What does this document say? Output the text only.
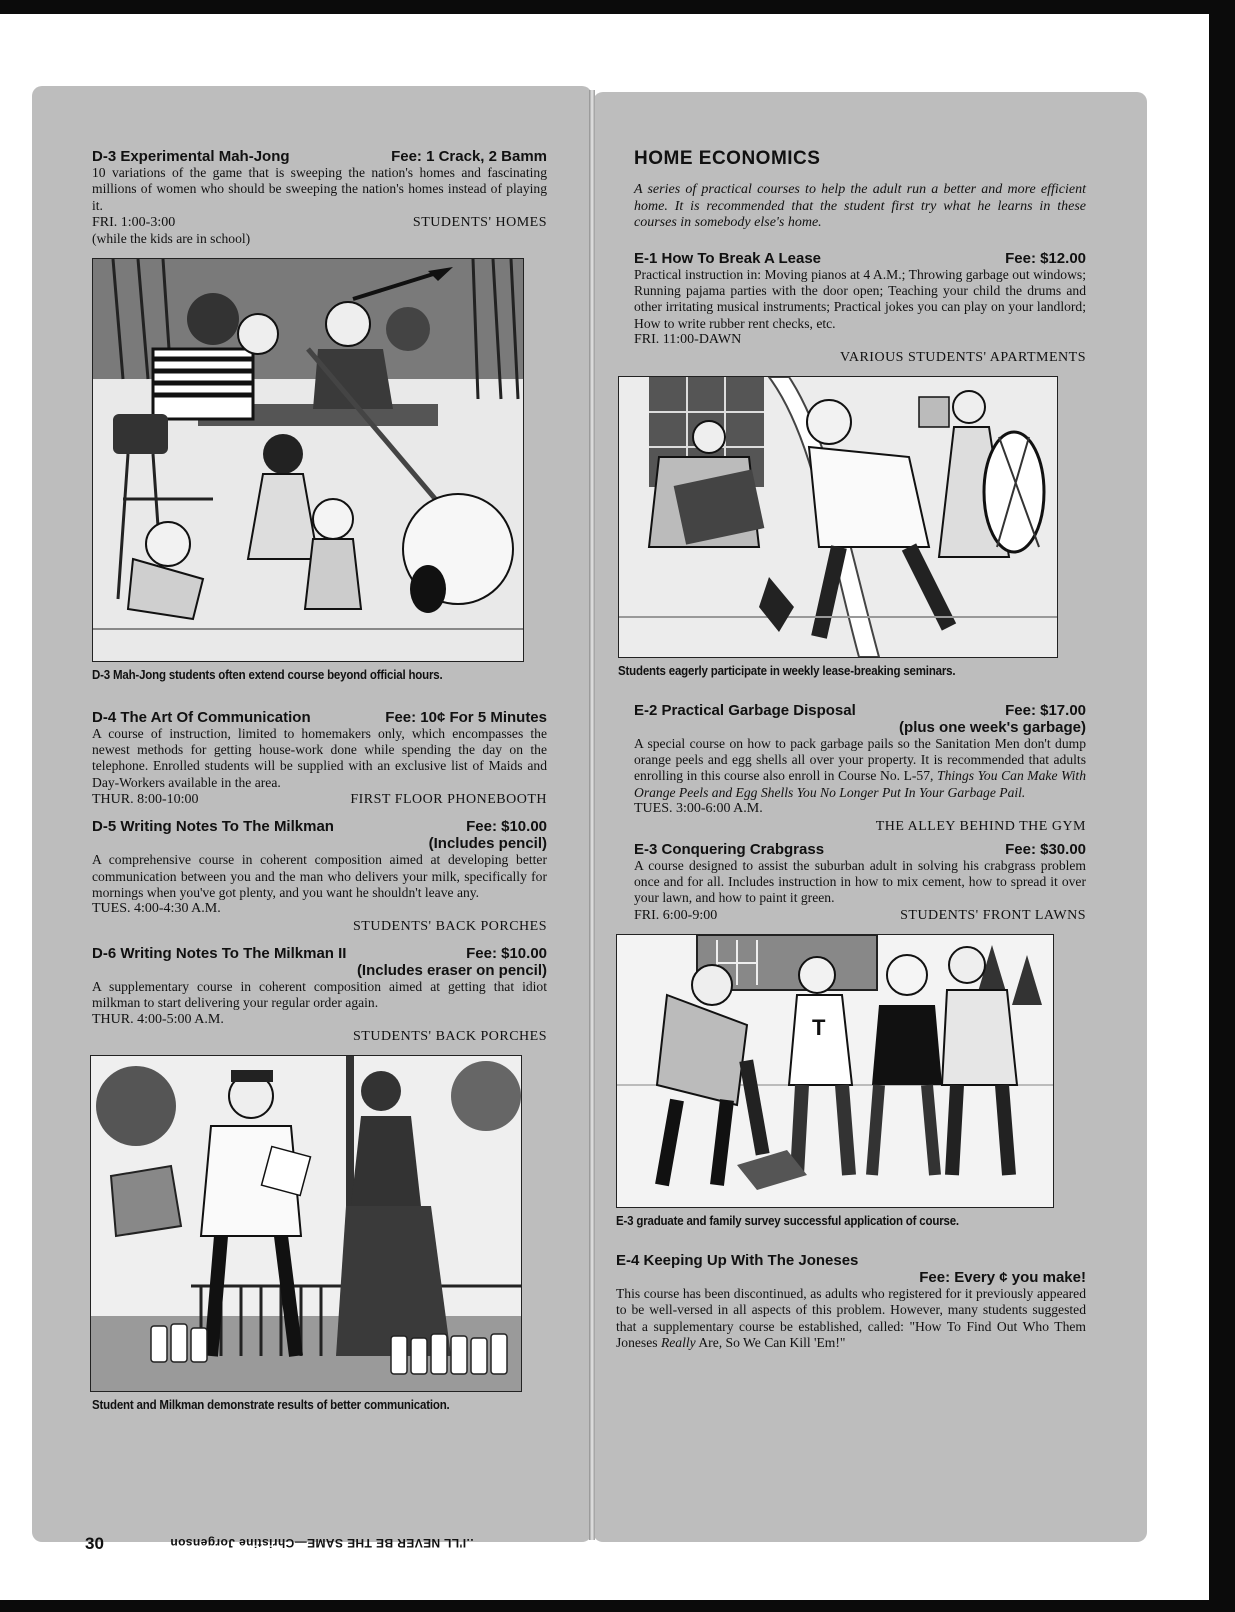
D-3 Experimental Mah-Jong	Fee: 1 Crack, 2 Bamm
10 variations of the game that is sweeping the nation's homes and fascinating millions of women who should be sweeping the nation's homes instead of playing it.
FRI. 1:00-3:00	STUDENTS' HOMES
(while the kids are in school)
D-3 Mah-Jong students often extend course beyond official hours.
D-4 The Art Of Communication	Fee: 10¢ For 5 Minutes
A course of instruction, limited to homemakers only, which encompasses the newest methods for getting house-work done while spending the day on the telephone. Enrolled students will be supplied with an exclusive list of Maids and Day-Workers available in the area.
THUR. 8:00-10:00	FIRST FLOOR PHONEBOOTH
D-5 Writing Notes To The Milkman	Fee: $10.00
(Includes pencil)
A comprehensive course in coherent composition aimed at developing better communication between you and the man who delivers your milk, specifically for mornings when you've got plenty, and you want he shouldn't leave any.
TUES. 4:00-4:30 A.M.
STUDENTS' BACK PORCHES
D-6 Writing Notes To The Milkman II	Fee: $10.00
(Includes eraser on pencil)
A supplementary course in coherent composition aimed at getting that idiot milkman to start delivering your regular order again.
THUR. 4:00-5:00 A.M.
STUDENTS' BACK PORCHES
Student and Milkman demonstrate results of better communication.
HOME ECONOMICS
A series of practical courses to help the adult run a better and more efficient home. It is recommended that the student first try what he learns in these courses in somebody else's home.
E-1 How To Break A Lease	Fee: $12.00
Practical instruction in: Moving pianos at 4 A.M.; Throwing garbage out windows; Running pajama parties with the door open; Teaching your child the drums and other irritating musical instruments; Practical jokes you can play on your landlord; How to write rubber rent checks, etc.
FRI. 11:00-DAWN
VARIOUS STUDENTS' APARTMENTS
Students eagerly participate in weekly lease-breaking seminars.
E-2 Practical Garbage Disposal	Fee: $17.00
(plus one week's garbage)
A special course on how to pack garbage pails so the Sanitation Men don't dump orange peels and egg shells all over your property. It is recommended that adults enrolling in this course also enroll in Course No. L-57, Things You Can Make With Orange Peels and Egg Shells You No Longer Put In Your Garbage Pail.
TUES. 3:00-6:00 A.M.
THE ALLEY BEHIND THE GYM
E-3 Conquering Crabgrass	Fee: $30.00
A course designed to assist the suburban adult in solving his crabgrass problem once and for all. Includes instruction in how to mix cement, how to spread it over your lawn, and how to paint it green.
FRI. 6:00-9:00	STUDENTS' FRONT LAWNS
T
E-3 graduate and family survey successful application of course.
E-4 Keeping Up With The Joneses
Fee: Every ¢ you make!
This course has been discontinued, as adults who registered for it previously appeared to be well-versed in all aspects of this problem. However, many students suggested that a supplementary course be established, called: "How To Find Out Who Them Joneses Really Are, So We Can Kill 'Em!"
30	..I'LL NEVER BE THE SAME—Christine Jorgenson
